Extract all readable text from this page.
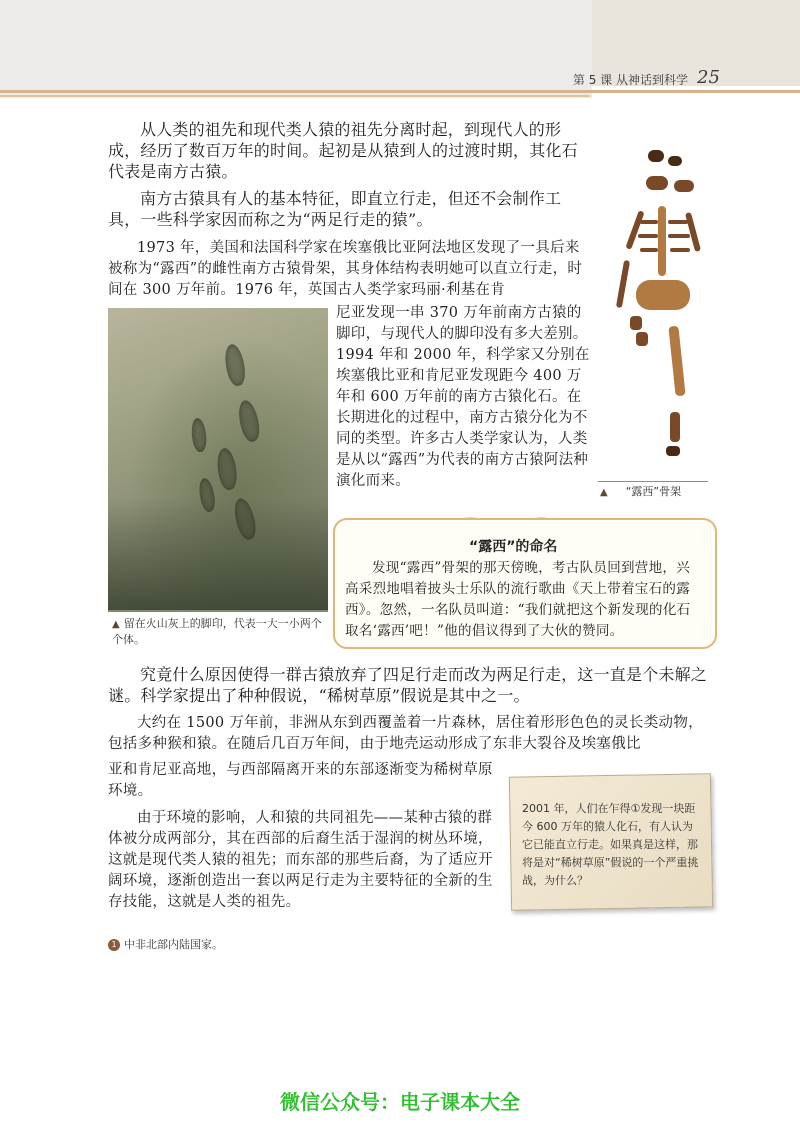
第 5 课 从神话到科学 25

从人类的祖先和现代类人猿的祖先分离时起，到现代人的形成，经历了数百万年的时间。起初是从猿到人的过渡时期，其化石代表是南方古猿。

南方古猿具有人的基本特征，即直立行走，但还不会制作工具，一些科学家因而称之为“两足行走的猿”。

1973 年，美国和法国科学家在埃塞俄比亚阿法地区发现了一具后来被称为“露西”的雌性南方古猿骨架，其身体结构表明她可以直立行走，时间在 300 万年前。1976 年，英国古人类学家玛丽·利基在肯

尼亚发现一串 370 万年前南方古猿的脚印，与现代人的脚印没有多大差别。1994 年和 2000 年，科学家又分别在埃塞俄比亚和肯尼亚发现距今 400 万年和 600 万年前的南方古猿化石。在长期进化的过程中，南方古猿分化为不同的类型。许多古人类学家认为，人类是从以“露西”为代表的南方古猿阿法种演化而来。

▲ 留在火山灰上的脚印，代表一大一小两个个体。
▲ “露西”骨架
“露西”的命名

发现“露西”骨架的那天傍晚，考古队员回到营地，兴高采烈地唱着披头士乐队的流行歌曲《天上带着宝石的露西》。忽然，一名队员叫道：“我们就把这个新发现的化石取名‘露西’吧！”他的倡议得到了大伙的赞同。

究竟什么原因使得一群古猿放弃了四足行走而改为两足行走，这一直是个未解之谜。科学家提出了种种假说，“稀树草原”假说是其中之一。

大约在 1500 万年前，非洲从东到西覆盖着一片森林，居住着形形色色的灵长类动物，包括多种猴和猿。在随后几百万年间，由于地壳运动形成了东非大裂谷及埃塞俄比

亚和肯尼亚高地，与西部隔离开来的东部逐渐变为稀树草原环境。

由于环境的影响，人和猿的共同祖先——某种古猿的群体被分成两部分，其在西部的后裔生活于湿润的树丛环境，这就是现代类人猿的祖先；而东部的那些后裔，为了适应开阔环境，逐渐创造出一套以两足行走为主要特征的全新的生存技能，这就是人类的祖先。

2001 年，人们在乍得①发现一块距今 600 万年的猿人化石，有人认为它已能直立行走。如果真是这样，那将是对“稀树草原”假说的一个严重挑战，为什么？
1 中非北部内陆国家。
微信公众号：电子课本大全
